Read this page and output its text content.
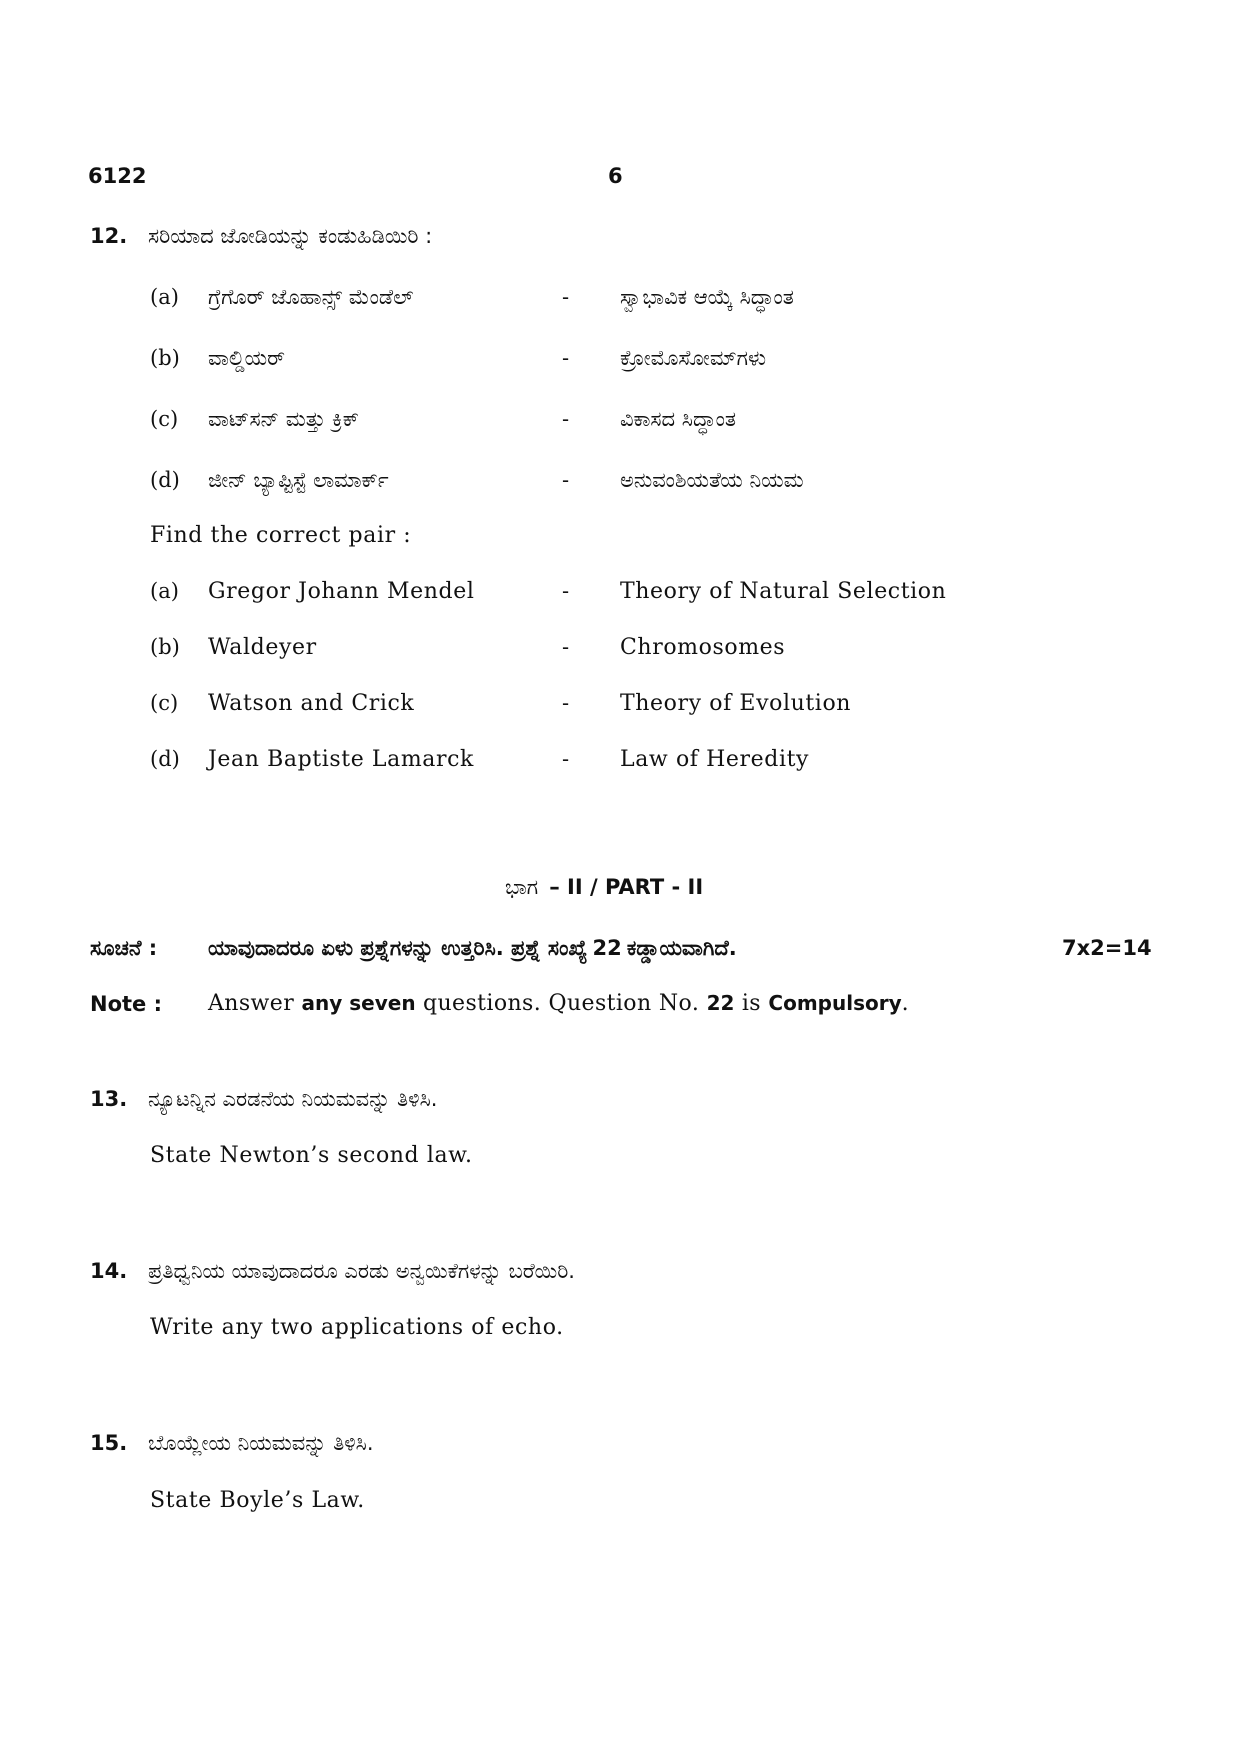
6122	6
12. ಸರಿಯಾದ ಜೋಡಿಯನ್ನು ಕಂಡುಹಿಡಿಯಿರಿ :
(a) ಗ್ರೆಗೊರ್ ಜೊಹಾನ್ಸ್ ಮೆಂಡೆಲ್	- ಸ್ವಾಭಾವಿಕ ಆಯ್ಕೆ ಸಿದ್ಧಾಂತ
(b) ವಾಲ್ಡಿಯರ್	- ಕ್ರೋಮೊಸೋಮ್‌ಗಳು
(c) ವಾಟ್‌ಸನ್ ಮತ್ತು ಕ್ರಿಕ್	- ವಿಕಾಸದ ಸಿದ್ಧಾಂತ
(d) ಜೀನ್ ಬ್ಯಾಪ್ಟಿಸ್ಟೆ ಲಾಮಾರ್ಕ್	- ಅನುವಂಶಿಯತೆಯ ನಿಯಮ
Find the correct pair :
(a) Gregor Johann Mendel	- Theory of Natural Selection
(b) Waldeyer	- Chromosomes
(c) Watson and Crick	- Theory of Evolution
(d) Jean Baptiste Lamarck	- Law of Heredity
ಭಾಗ – II / PART - II
ಸೂಚನೆ : ಯಾವುದಾದರೂ ಏಳು ಪ್ರಶ್ನೆಗಳನ್ನು ಉತ್ತರಿಸಿ. ಪ್ರಶ್ನೆ ಸಂಖ್ಯೆ 22 ಕಡ್ಡಾಯವಾಗಿದೆ.	7x2=14
Note : Answer any seven questions. Question No. 22 is Compulsory.
13. ನ್ಯೂಟನ್ನಿನ ಎರಡನೆಯ ನಿಯಮವನ್ನು ತಿಳಿಸಿ.
State Newton’s second law.
14. ಪ್ರತಿಧ್ವನಿಯ ಯಾವುದಾದರೂ ಎರಡು ಅನ್ವಯಿಕೆಗಳನ್ನು ಬರೆಯಿರಿ.
Write any two applications of echo.
15. ಬೊಯ್ಲೇಯ ನಿಯಮವನ್ನು ತಿಳಿಸಿ.
State Boyle’s Law.
